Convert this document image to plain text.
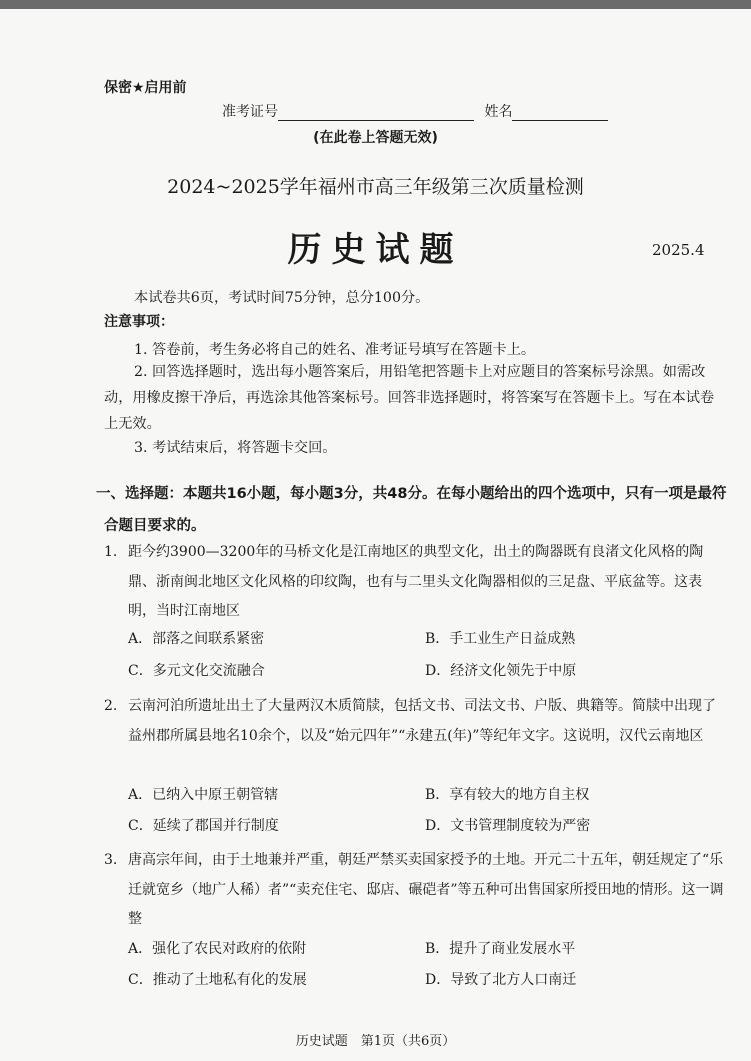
保密★启用前
准考证号	姓名
(在此卷上答题无效)
2024~2025学年福州市高三年级第三次质量检测
历史试题	2025.4
本试卷共6页，考试时间75分钟，总分100分。
注意事项：
1. 答卷前，考生务必将自己的姓名、准考证号填写在答题卡上。
2. 回答选择题时，选出每小题答案后，用铅笔把答题卡上对应题目的答案标号涂黑。如需改动，用橡皮擦干净后，再选涂其他答案标号。回答非选择题时，将答案写在答题卡上。写在本试卷上无效。
3. 考试结束后，将答题卡交回。
一、选择题：本题共16小题，每小题3分，共48分。在每小题给出的四个选项中，只有一项是最符合题目要求的。
1. 距今约3900—3200年的马桥文化是江南地区的典型文化，出土的陶器既有良渚文化风格的陶鼎、浙南闽北地区文化风格的印纹陶，也有与二里头文化陶器相似的三足盘、平底盆等。这表明，当时江南地区
A．部落之间联系紧密	B．手工业生产日益成熟
C．多元文化交流融合	D．经济文化领先于中原
2. 云南河泊所遗址出土了大量两汉木质简牍，包括文书、司法文书、户版、典籍等。简牍中出现了益州郡所属县地名10余个，以及“始元四年”“永建五(年)”等纪年文字。这说明，汉代云南地区
A．已纳入中原王朝管辖	B．享有较大的地方自主权
C．延续了郡国并行制度	D．文书管理制度较为严密
3. 唐高宗年间，由于土地兼并严重，朝廷严禁买卖国家授予的土地。开元二十五年，朝廷规定了“乐迁就宽乡（地广人稀）者”“卖充住宅、邸店、碾硙者”等五种可出售国家所授田地的情形。这一调整
A．强化了农民对政府的依附	B．提升了商业发展水平
C．推动了土地私有化的发展	D．导致了北方人口南迁
历史试题　第1页（共6页）
